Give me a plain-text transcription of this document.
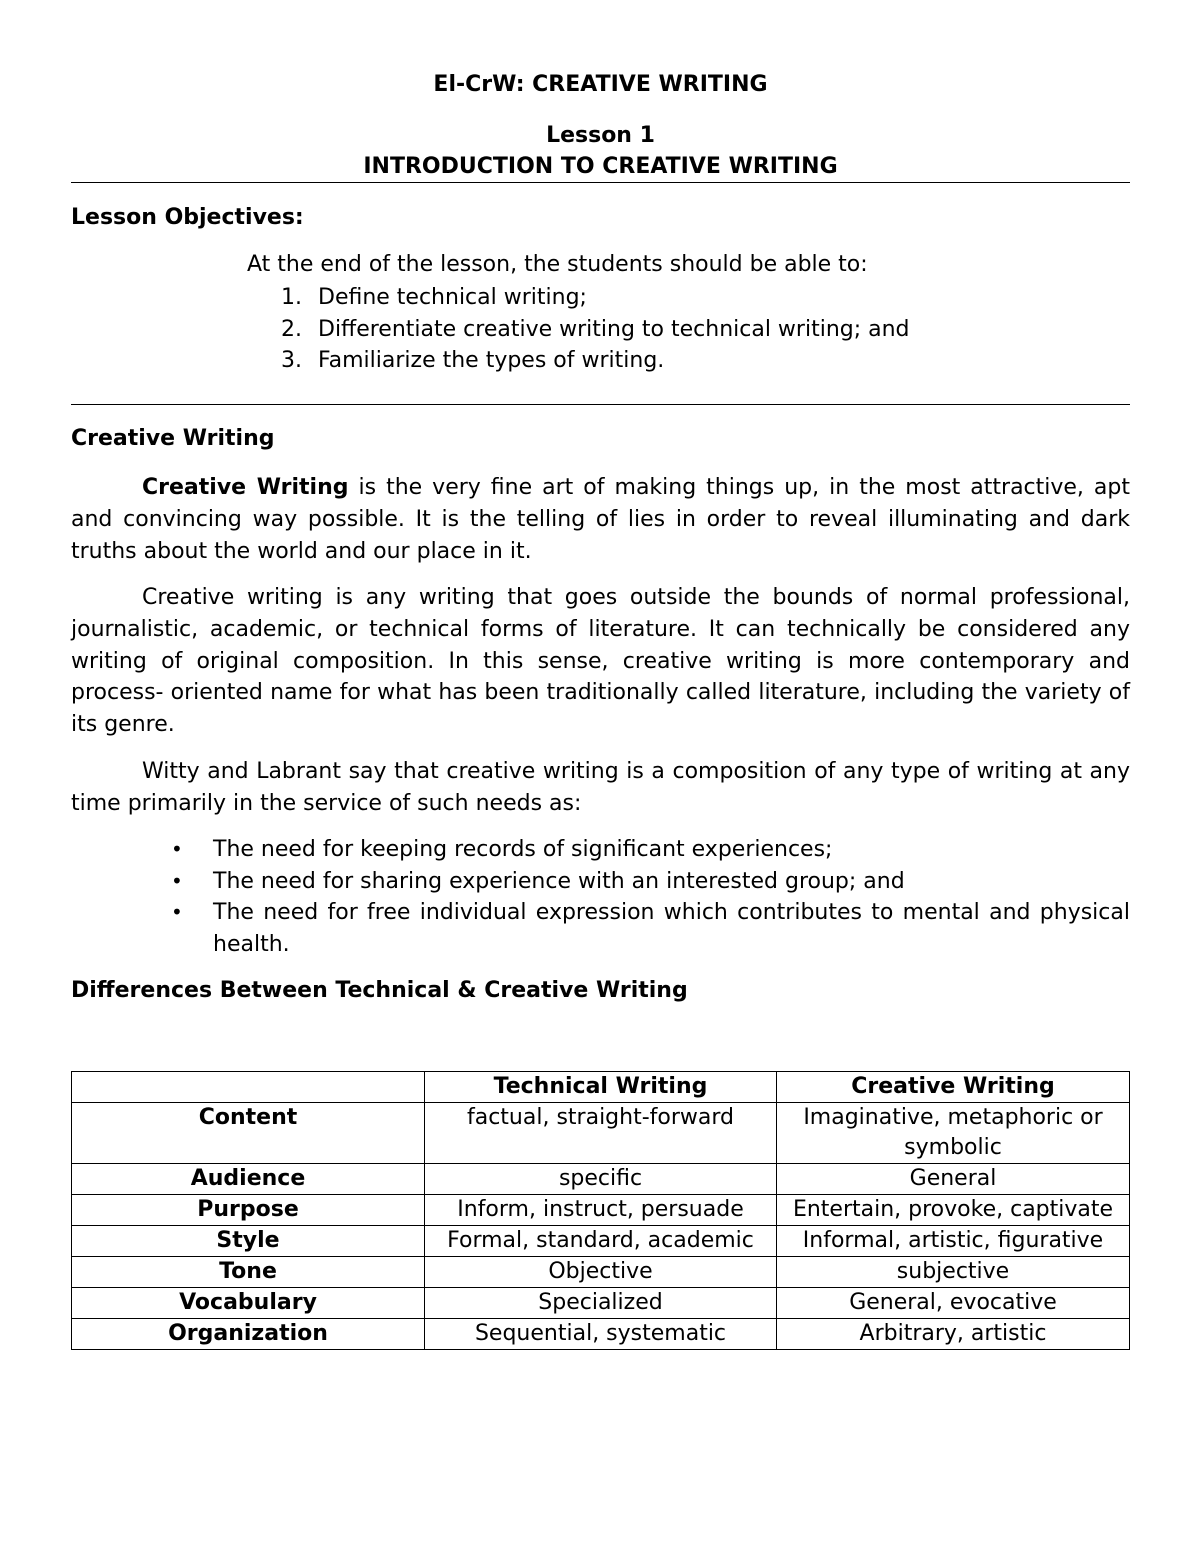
El-CrW: CREATIVE WRITING
Lesson 1
INTRODUCTION TO CREATIVE WRITING
Lesson Objectives:
At the end of the lesson, the students should be able to:
1. Define technical writing;
2. Differentiate creative writing to technical writing; and
3. Familiarize the types of writing.
Creative Writing

Creative Writing is the very fine art of making things up, in the most attractive, apt and convincing way possible. It is the telling of lies in order to reveal illuminating and dark truths about the world and our place in it.

Creative writing is any writing that goes outside the bounds of normal professional, journalistic, academic, or technical forms of literature. It can technically be considered any writing of original composition. In this sense, creative writing is more contemporary and process- oriented name for what has been traditionally called literature, including the variety of its genre.

Witty and Labrant say that creative writing is a composition of any type of writing at any time primarily in the service of such needs as:

• The need for keeping records of significant experiences;
• The need for sharing experience with an interested group; and
• The need for free individual expression which contributes to mental and physical health.
Differences Between Technical & Creative Writing
	Technical Writing	Creative Writing
Content	factual, straight-forward	Imaginative, metaphoric or symbolic
Audience	specific	General
Purpose	Inform, instruct, persuade	Entertain, provoke, captivate
Style	Formal, standard, academic	Informal, artistic, figurative
Tone	Objective	subjective
Vocabulary	Specialized	General, evocative
Organization	Sequential, systematic	Arbitrary, artistic
